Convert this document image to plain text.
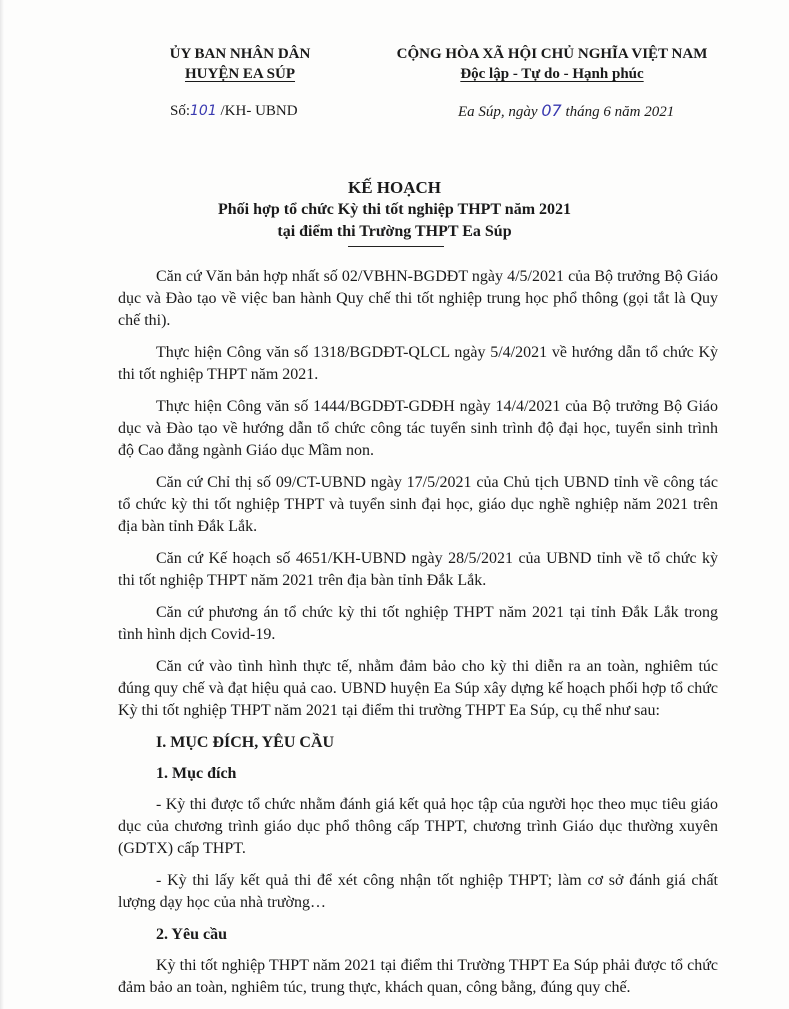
ỦY BAN NHÂN DÂN
HUYỆN EA SÚP
CỘNG HÒA XÃ HỘI CHỦ NGHĨA VIỆT NAM
Độc lập - Tự do - Hạnh phúc
Số:101 /KH- UBND	Ea Súp, ngày 07 tháng 6 năm 2021
KẾ HOẠCH
Phối hợp tổ chức Kỳ thi tốt nghiệp THPT năm 2021
tại điểm thi Trường THPT Ea Súp

Căn cứ Văn bản hợp nhất số 02/VBHN-BGDĐT ngày 4/5/2021 của Bộ trưởng Bộ Giáo dục và Đào tạo về việc ban hành Quy chế thi tốt nghiệp trung học phổ thông (gọi tắt là Quy chế thi).

Thực hiện Công văn số 1318/BGDĐT-QLCL ngày 5/4/2021 về hướng dẫn tổ chức Kỳ thi tốt nghiệp THPT năm 2021.

Thực hiện Công văn số 1444/BGDĐT-GDĐH ngày 14/4/2021 của Bộ trưởng Bộ Giáo dục và Đào tạo về hướng dẫn tổ chức công tác tuyển sinh trình độ đại học, tuyển sinh trình độ Cao đẳng ngành Giáo dục Mầm non.

Căn cứ Chỉ thị số 09/CT-UBND ngày 17/5/2021 của Chủ tịch UBND tỉnh về công tác tổ chức kỳ thi tốt nghiệp THPT và tuyển sinh đại học, giáo dục nghề nghiệp năm 2021 trên địa bàn tỉnh Đắk Lắk.

Căn cứ Kế hoạch số 4651/KH-UBND ngày 28/5/2021 của UBND tỉnh về tổ chức kỳ thi tốt nghiệp THPT năm 2021 trên địa bàn tỉnh Đắk Lắk.

Căn cứ phương án tổ chức kỳ thi tốt nghiệp THPT năm 2021 tại tỉnh Đắk Lắk trong tình hình dịch Covid-19.

Căn cứ vào tình hình thực tế, nhằm đảm bảo cho kỳ thi diễn ra an toàn, nghiêm túc đúng quy chế và đạt hiệu quả cao. UBND huyện Ea Súp xây dựng kế hoạch phối hợp tổ chức Kỳ thi tốt nghiệp THPT năm 2021 tại điểm thi trường THPT Ea Súp, cụ thể như sau:

I. MỤC ĐÍCH, YÊU CẦU
1. Mục đích

- Kỳ thi được tổ chức nhằm đánh giá kết quả học tập của người học theo mục tiêu giáo dục của chương trình giáo dục phổ thông cấp THPT, chương trình Giáo dục thường xuyên (GDTX) cấp THPT.

- Kỳ thi lấy kết quả thi để xét công nhận tốt nghiệp THPT; làm cơ sở đánh giá chất lượng dạy học của nhà trường…

2. Yêu cầu

Kỳ thi tốt nghiệp THPT năm 2021 tại điểm thi Trường THPT Ea Súp phải được tổ chức đảm bảo an toàn, nghiêm túc, trung thực, khách quan, công bằng, đúng quy chế.
